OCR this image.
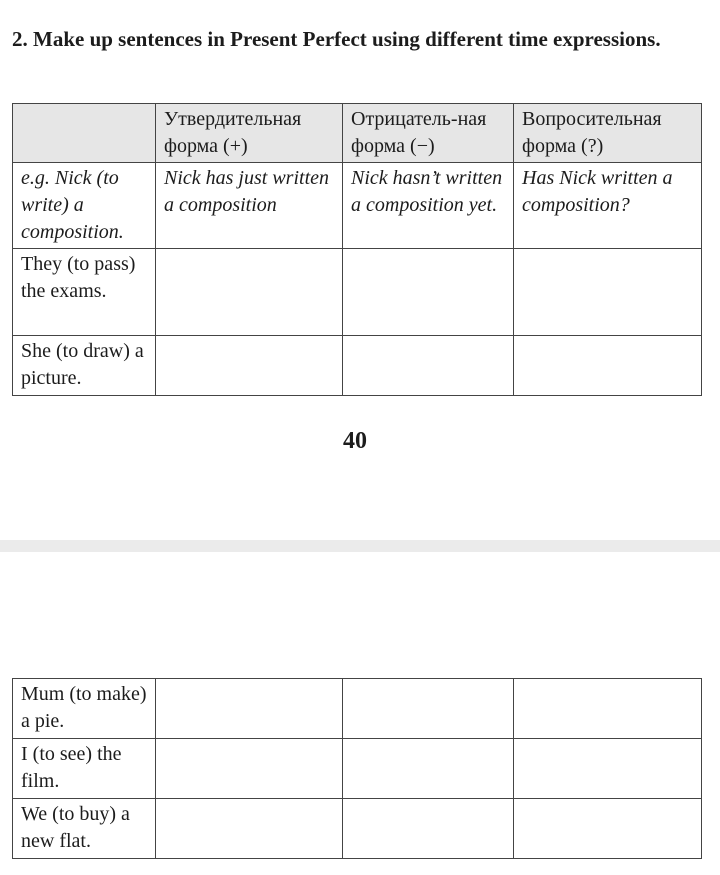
2. Make up sentences in Present Perfect using different time expressions.

	Утвердительная форма (+)	Отрицатель-ная форма (−)	Вопросительная форма (?)
e.g. Nick (to write) a composition.	Nick has just written a composition	Nick hasn’t written a composition yet.	Has Nick written a composition?
They (to pass) the exams.			
She (to draw) a picture.			

40

Mum (to make) a pie.			
I (to see) the film.			
We (to buy) a new flat.			
